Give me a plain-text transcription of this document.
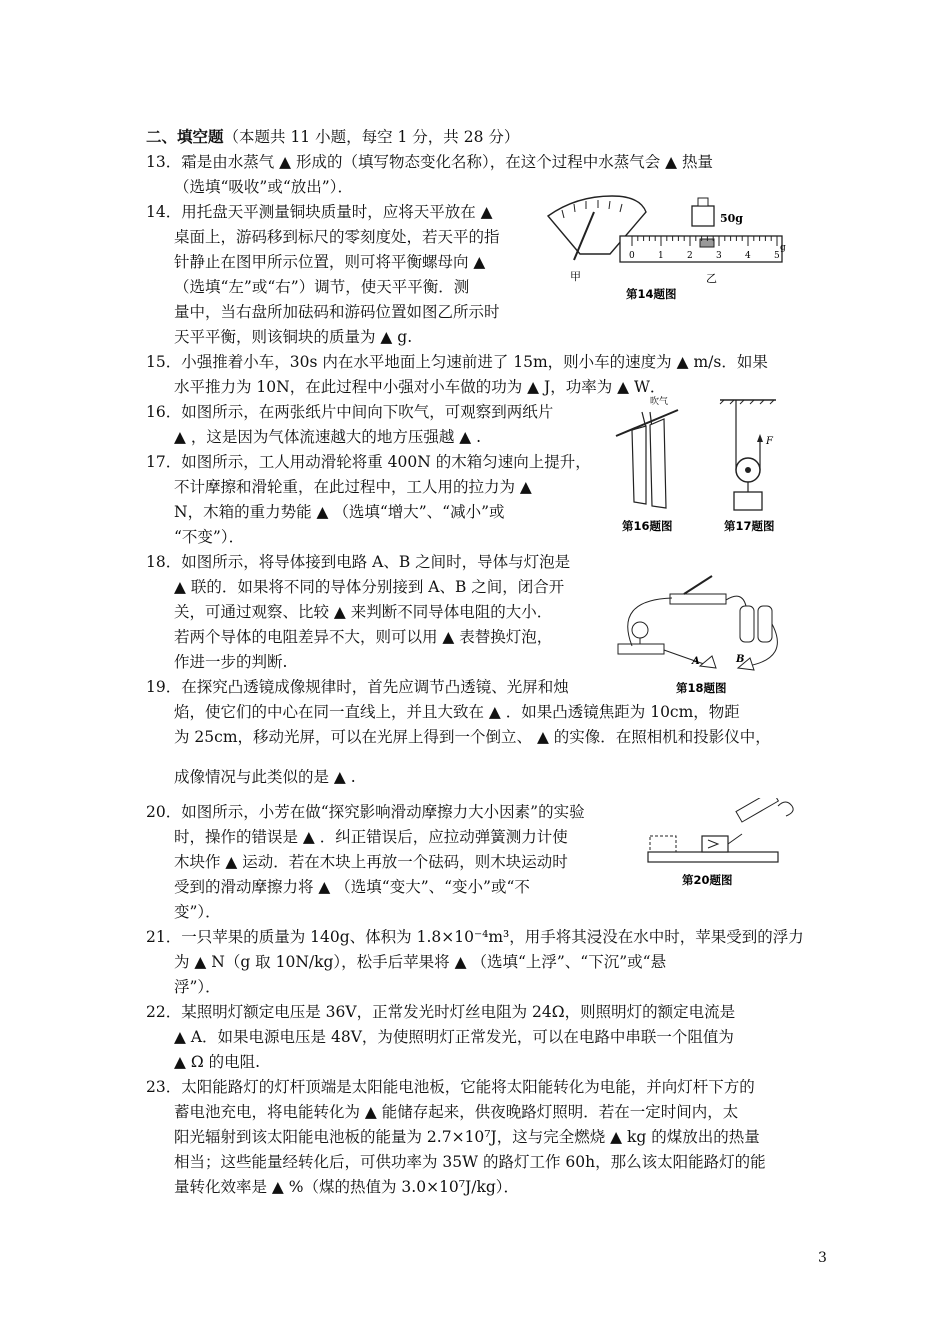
二、填空题（本题共 11 小题，每空 1 分，共 28 分）
13．霜是由水蒸气 ▲ 形成的（填写物态变化名称），在这个过程中水蒸气会 ▲ 热量
（选填“吸收”或“放出”）．
14．用托盘天平测量铜块质量时，应将天平放在 ▲
桌面上，游码移到标尺的零刻度处，若天平的指
针静止在图甲所示位置，则可将平衡螺母向 ▲
（选填“左”或“右”）调节，使天平平衡．测
量中，当右盘所加砝码和游码位置如图乙所示时
天平平衡，则该铜块的质量为 ▲ g.
甲
50g
0	1	2	3	4	5
g
乙
第14题图
15．小强推着小车，30s 内在水平地面上匀速前进了 15m，则小车的速度为 ▲ m/s．如果
水平推力为 10N，在此过程中小强对小车做的功为 ▲ J，功率为 ▲ W．
16．如图所示，在两张纸片中间向下吹气，可观察到两纸片
▲ ，这是因为气体流速越大的地方压强越 ▲ .
17．如图所示，工人用动滑轮将重 400N 的木箱匀速向上提升，
不计摩擦和滑轮重，在此过程中，工人用的拉力为 ▲
N，木箱的重力势能 ▲ （选填“增大”、“减小”或
“不变”）．
吹气
第16题图
F
第17题图
18．如图所示，将导体接到电路 A、B 之间时，导体与灯泡是
▲ 联的．如果将不同的导体分别接到 A、B 之间，闭合开
关，可通过观察、比较 ▲ 来判断不同导体电阻的大小．
若两个导体的电阻差异不大，则可以用 ▲ 表替换灯泡，
作进一步的判断.	A	B
第18题图
19．在探究凸透镜成像规律时，首先应调节凸透镜、光屏和烛
焰，使它们的中心在同一直线上，并且大致在 ▲ ．如果凸透镜焦距为 10cm，物距
为 25cm，移动光屏，可以在光屏上得到一个倒立、 ▲ 的实像．在照相机和投影仪中，
成像情况与此类似的是 ▲ .
20．如图所示，小芳在做“探究影响滑动摩擦力大小因素”的实验
时，操作的错误是 ▲ ．纠正错误后，应拉动弹簧测力计使
木块作 ▲ 运动．若在木块上再放一个砝码，则木块运动时
受到的滑动摩擦力将 ▲ （选填“变大”、“变小”或“不
变”）．
第20题图
21．一只苹果的质量为 140g、体积为 1.8×10⁻⁴m³，用手将其浸没在水中时，苹果受到的浮力
为 ▲ N（g 取 10N/kg），松手后苹果将 ▲ （选填“上浮”、“下沉”或“悬
浮”）．
22．某照明灯额定电压是 36V，正常发光时灯丝电阻为 24Ω，则照明灯的额定电流是
▲ A．如果电源电压是 48V，为使照明灯正常发光，可以在电路中串联一个阻值为
▲ Ω 的电阻.
23．太阳能路灯的灯杆顶端是太阳能电池板，它能将太阳能转化为电能，并向灯杆下方的
蓄电池充电，将电能转化为 ▲ 能储存起来，供夜晚路灯照明．若在一定时间内，太
阳光辐射到该太阳能电池板的能量为 2.7×10⁷J，这与完全燃烧 ▲ kg 的煤放出的热量
相当；这些能量经转化后，可供功率为 35W 的路灯工作 60h，那么该太阳能路灯的能
量转化效率是 ▲ %（煤的热值为 3.0×10⁷J/kg）．
3
